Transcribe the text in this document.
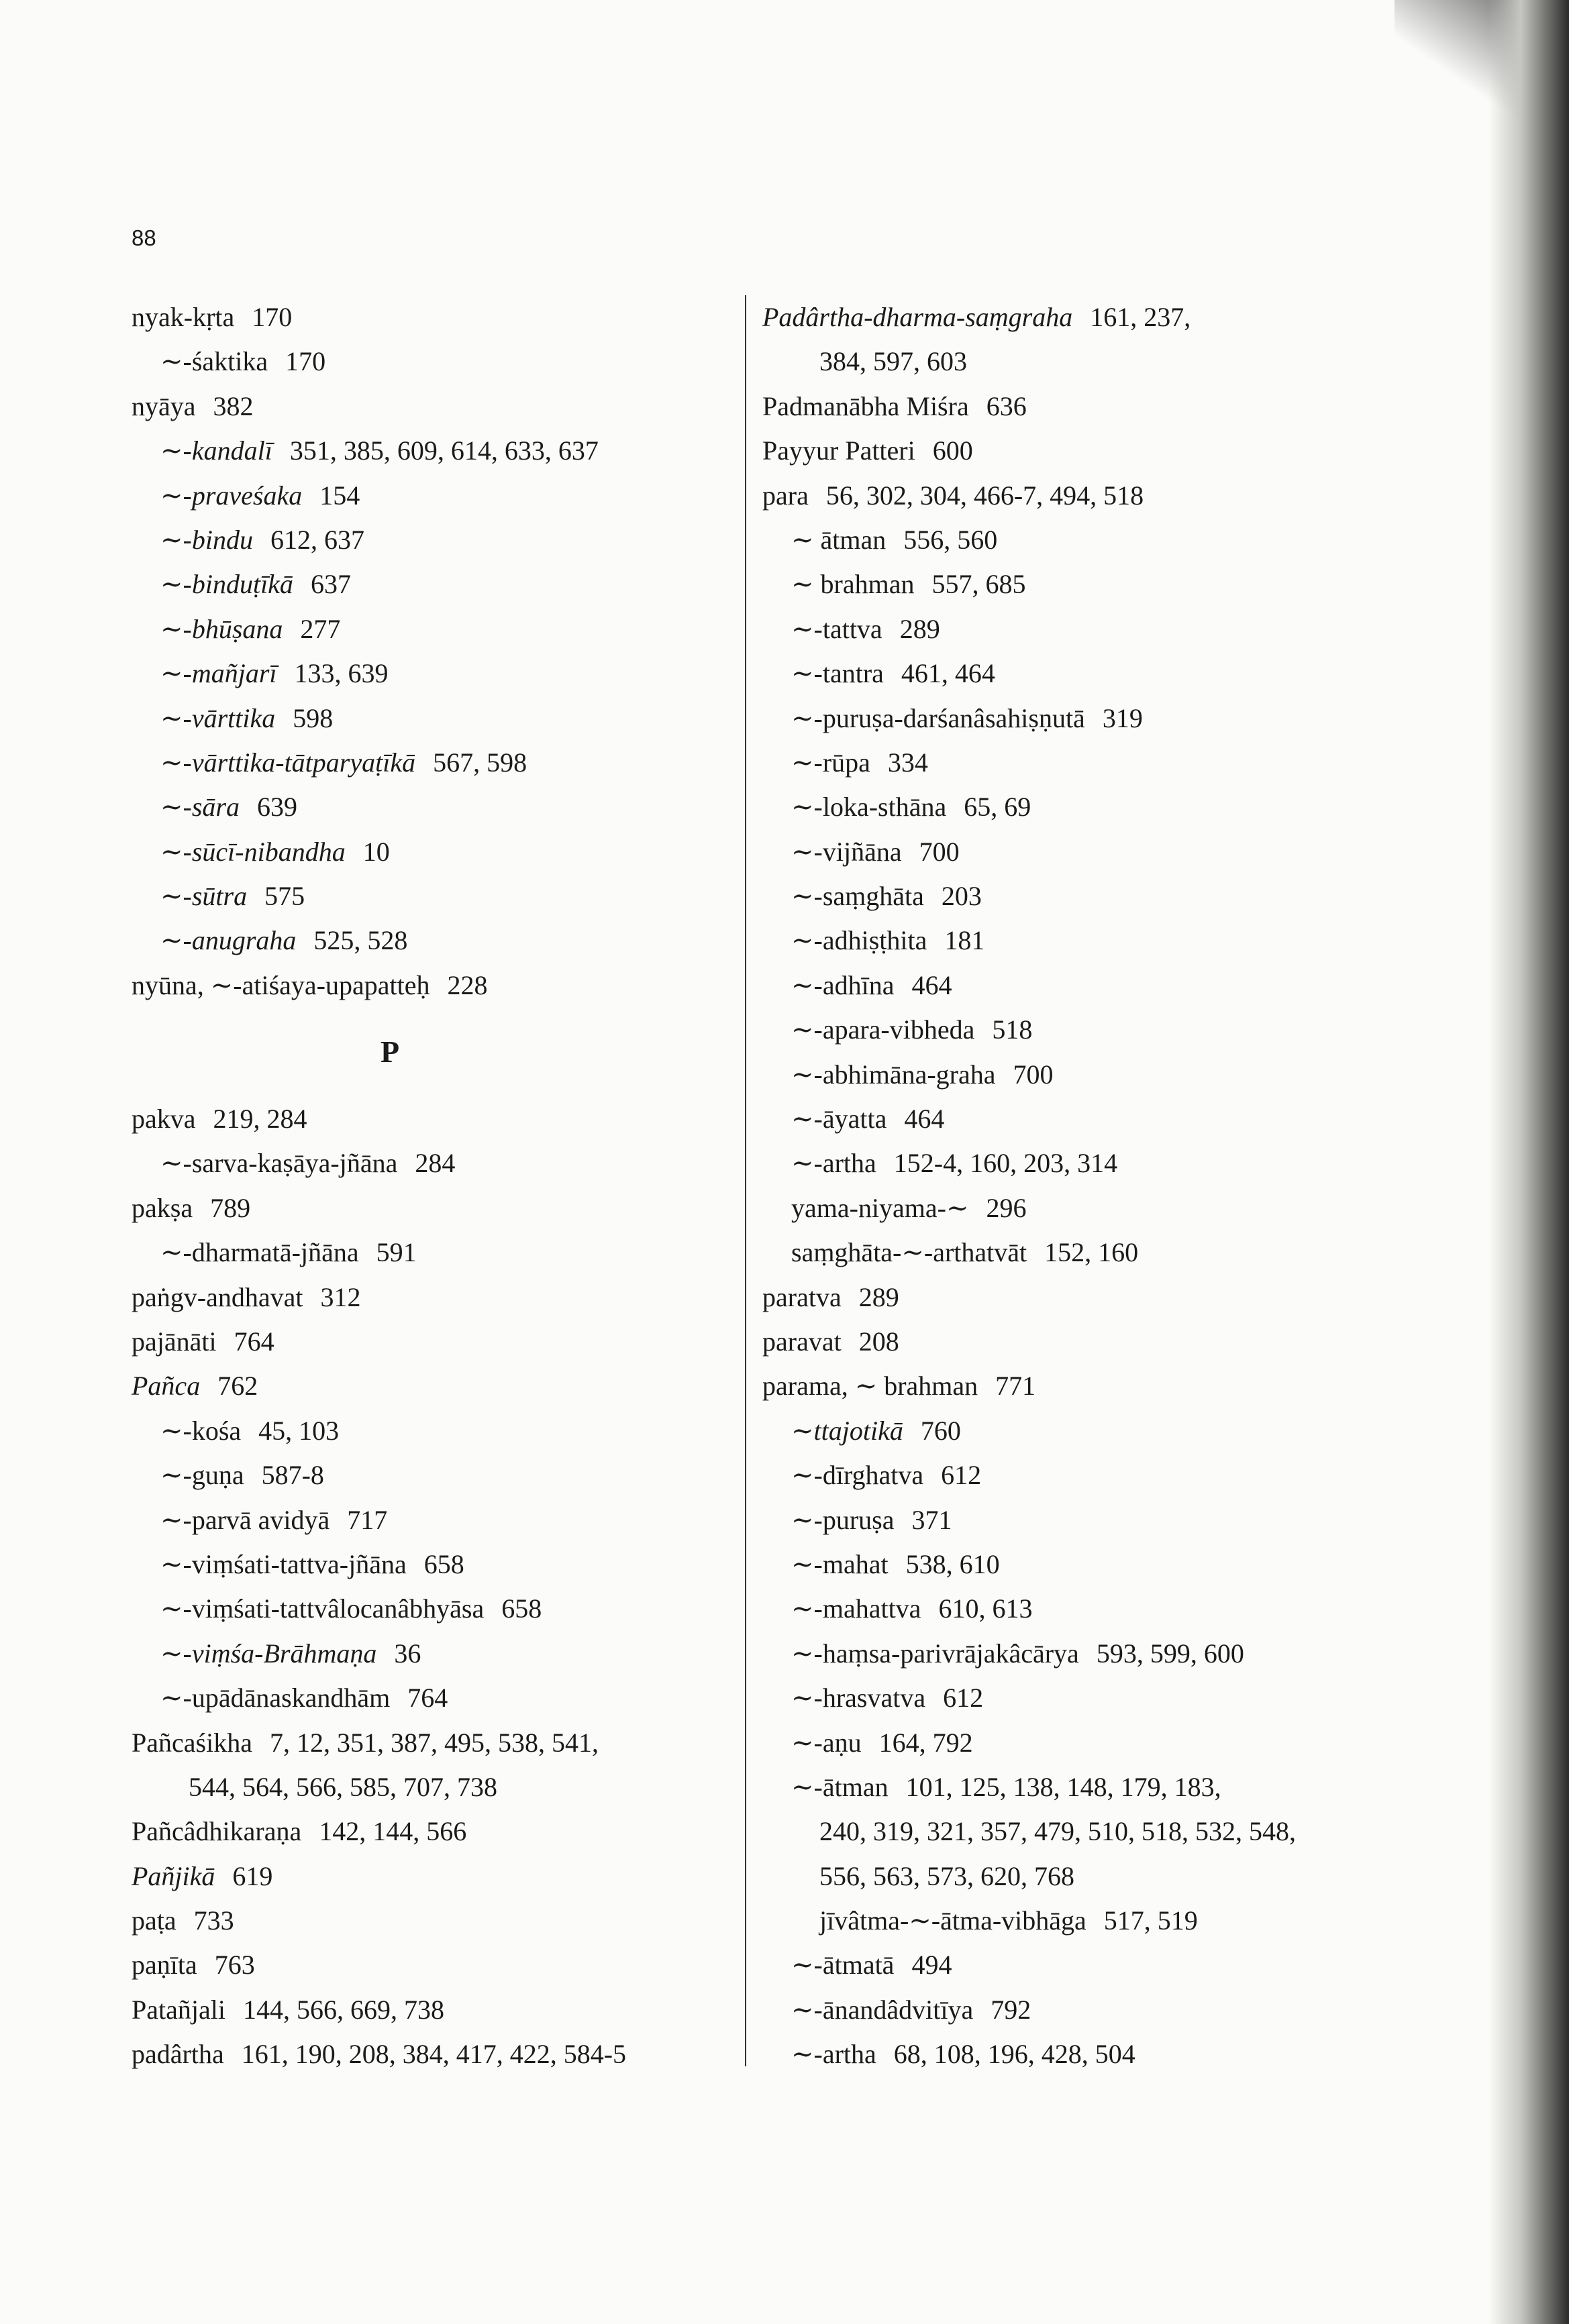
88
nyak-kṛta 170
∼-śaktika 170
nyāya 382
∼-kandalī 351, 385, 609, 614, 633, 637
∼-praveśaka 154
∼-bindu 612, 637
∼-binduṭīkā 637
∼-bhūṣana 277
∼-mañjarī 133, 639
∼-vārttika 598
∼-vārttika-tātparyaṭīkā 567, 598
∼-sāra 639
∼-sūcī-nibandha 10
∼-sūtra 575
∼-anugraha 525, 528
nyūna, ∼-atiśaya-upapatteḥ 228
P
pakva 219, 284
∼-sarva-kaṣāya-jñāna 284
pakṣa 789
∼-dharmatā-jñāna 591
paṅgv-andhavat 312
pajānāti 764
Pañca 762
∼-kośa 45, 103
∼-guṇa 587-8
∼-parvā avidyā 717
∼-viṃśati-tattva-jñāna 658
∼-viṃśati-tattvâlocanâbhyāsa 658
∼-viṃśa-Brāhmaṇa 36
∼-upādānaskandhām 764
Pañcaśikha 7, 12, 351, 387, 495, 538, 541,
544, 564, 566, 585, 707, 738
Pañcâdhikaraṇa 142, 144, 566
Pañjikā 619
paṭa 733
paṇīta 763
Patañjali 144, 566, 669, 738
padârtha 161, 190, 208, 384, 417, 422, 584-5
Padârtha-dharma-saṃgraha 161, 237,
384, 597, 603
Padmanābha Miśra 636
Payyur Patteri 600
para 56, 302, 304, 466-7, 494, 518
∼ ātman 556, 560
∼ brahman 557, 685
∼-tattva 289
∼-tantra 461, 464
∼-puruṣa-darśanâsahiṣṇutā 319
∼-rūpa 334
∼-loka-sthāna 65, 69
∼-vijñāna 700
∼-saṃghāta 203
∼-adhiṣṭhita 181
∼-adhīna 464
∼-apara-vibheda 518
∼-abhimāna-graha 700
∼-āyatta 464
∼-artha 152-4, 160, 203, 314
yama-niyama-∼ 296
saṃghāta-∼-arthatvāt 152, 160
paratva 289
paravat 208
parama, ∼ brahman 771
∼ttajotikā 760
∼-dīrghatva 612
∼-puruṣa 371
∼-mahat 538, 610
∼-mahattva 610, 613
∼-haṃsa-parivrājakâcārya 593, 599, 600
∼-hrasvatva 612
∼-aṇu 164, 792
∼-ātman 101, 125, 138, 148, 179, 183,
240, 319, 321, 357, 479, 510, 518, 532, 548,
556, 563, 573, 620, 768
jīvâtma-∼-ātma-vibhāga 517, 519
∼-ātmatā 494
∼-ānandâdvitīya 792
∼-artha 68, 108, 196, 428, 504
